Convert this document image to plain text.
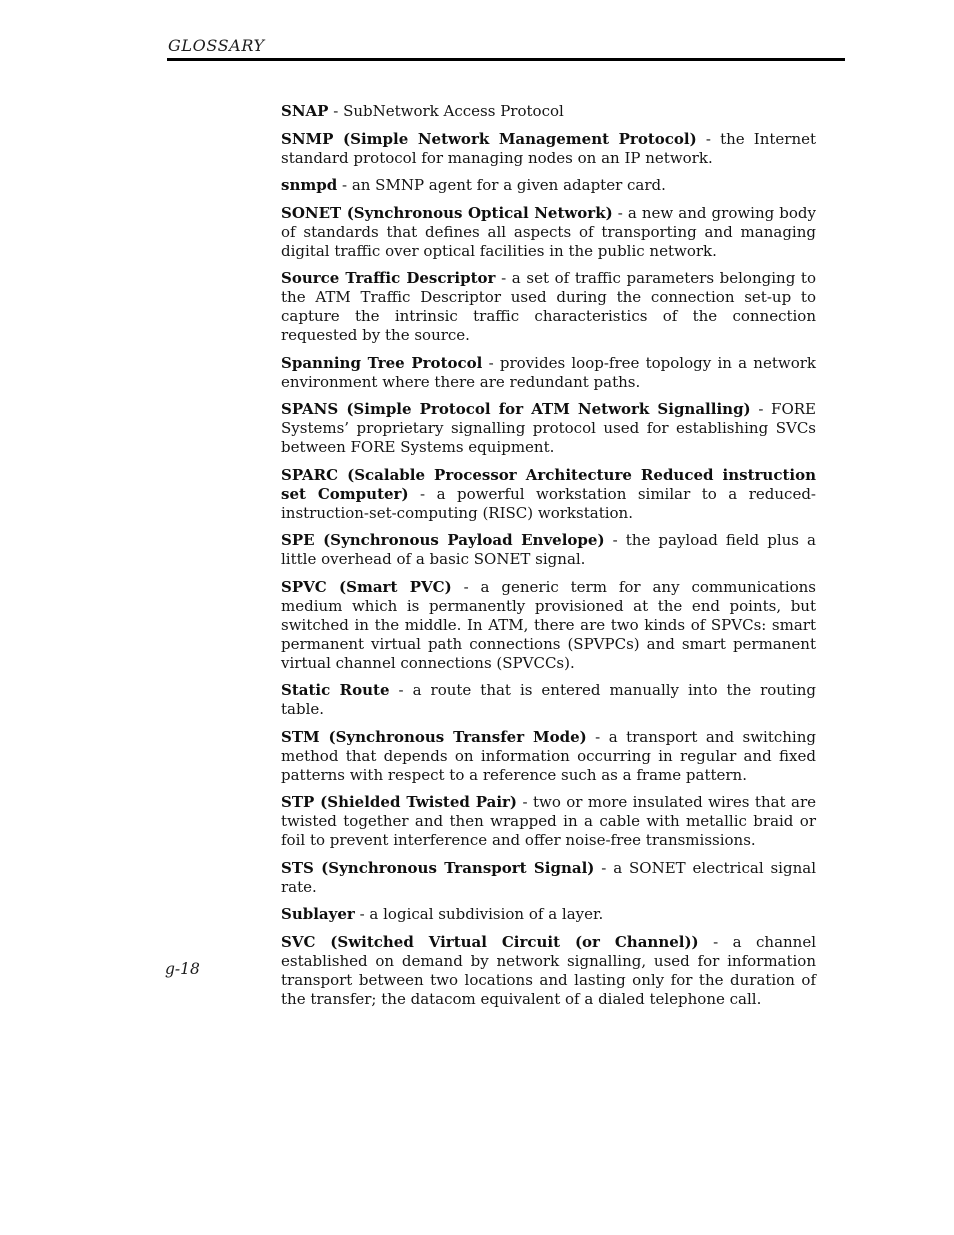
GLOSSARY

SNAP - SubNetwork Access Protocol

SNMP (Simple Network Management Protocol) - the Internet standard protocol for managing nodes on an IP network.

snmpd - an SMNP agent for a given adapter card.

SONET (Synchronous Optical Network) - a new and growing body of standards that defines all aspects of transporting and managing digital traffic over optical facilities in the public network.

Source Traffic Descriptor - a set of traffic parameters belonging to the ATM Traffic Descriptor used during the connection set-up to capture the intrinsic traffic characteristics of the connection requested by the source.

Spanning Tree Protocol - provides loop-free topology in a network environment where there are redundant paths.

SPANS (Simple Protocol for ATM Network Signalling) - FORE Systems’ proprietary signalling protocol used for establishing SVCs between FORE Systems equipment.

SPARC (Scalable Processor Architecture Reduced instruction set Computer) - a powerful workstation similar to a reduced-instruction-set-computing (RISC) workstation.

SPE (Synchronous Payload Envelope) - the payload field plus a little overhead of a basic SONET signal.

SPVC (Smart PVC) - a generic term for any communications medium which is permanently provisioned at the end points, but switched in the middle. In ATM, there are two kinds of SPVCs: smart permanent virtual path connections (SPVPCs) and smart permanent virtual channel connections (SPVCCs).

Static Route - a route that is entered manually into the routing table.

STM (Synchronous Transfer Mode) - a transport and switching method that depends on information occurring in regular and fixed patterns with respect to a reference such as a frame pattern.

STP (Shielded Twisted Pair) - two or more insulated wires that are twisted together and then wrapped in a cable with metallic braid or foil to prevent interference and offer noise-free transmissions.

STS (Synchronous Transport Signal) - a SONET electrical signal rate.

Sublayer - a logical subdivision of a layer.

SVC (Switched Virtual Circuit (or Channel)) - a channel established on demand by network signalling, used for information transport between two locations and lasting only for the duration of the transfer; the datacom equivalent of a dialed telephone call.

g-18
